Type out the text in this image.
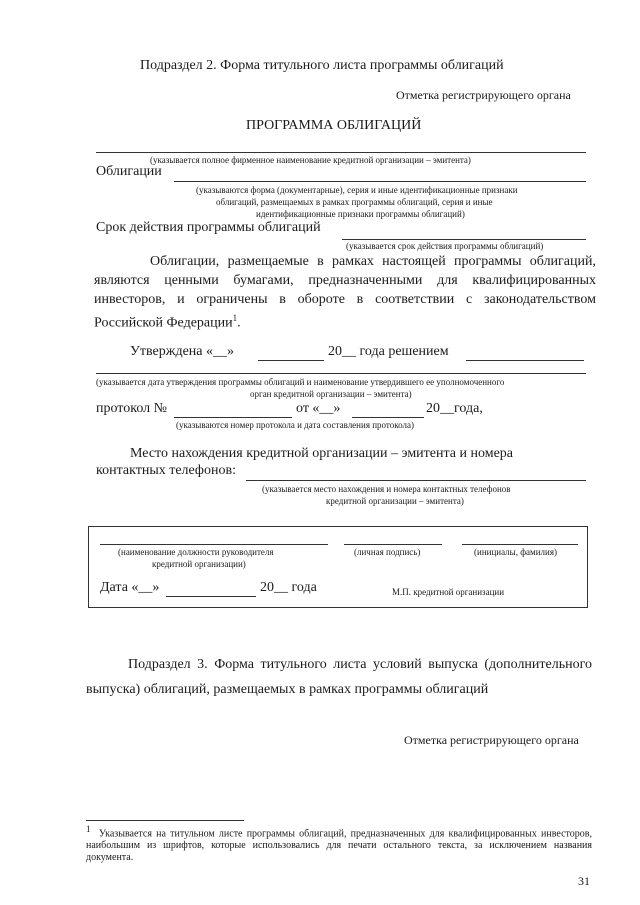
Подраздел 2. Форма титульного листа программы облигаций
Отметка регистрирующего органа
ПРОГРАММА ОБЛИГАЦИЙ
(указывается полное фирменное наименование кредитной организации – эмитента)
Облигации
(указываются форма (документарные), серия и иные идентификационные признаки
облигаций, размещаемых в рамках программы облигаций, серия и иные
идентификационные признаки программы облигаций)
Срок действия программы облигаций
(указывается срок действия программы облигаций)
Облигации, размещаемые в рамках настоящей программы облигаций, являются ценными бумагами, предназначенными для квалифицированных инвесторов, и ограничены в обороте в соответствии с законодательством Российской Федерации$^1$.
Утверждена «__»	20__ года решением
(указывается дата утверждения программы облигаций и наименование утвердившего ее уполномоченного
орган кредитной организации – эмитента)
протокол №	от «__»	20__года,
(указываются номер протокола и дата составления протокола)
Место нахождения кредитной организации – эмитента и номера
контактных телефонов:
(указывается место нахождения и номера контактных телефонов
кредитной организации – эмитента)
(наименование должности руководителя
кредитной организации)
(личная подпись)	(инициалы, фамилия)
Дата «__»	20__ года	М.П. кредитной организации
Подраздел 3. Форма титульного листа условий выпуска (дополнительного выпуска) облигаций, размещаемых в рамках программы облигаций
Отметка регистрирующего органа
$^1$ Указывается на титульном листе программы облигаций, предназначенных для квалифицированных инвесторов, наибольшим из шрифтов, которые использовались для печати остального текста, за исключением названия документа.
31
